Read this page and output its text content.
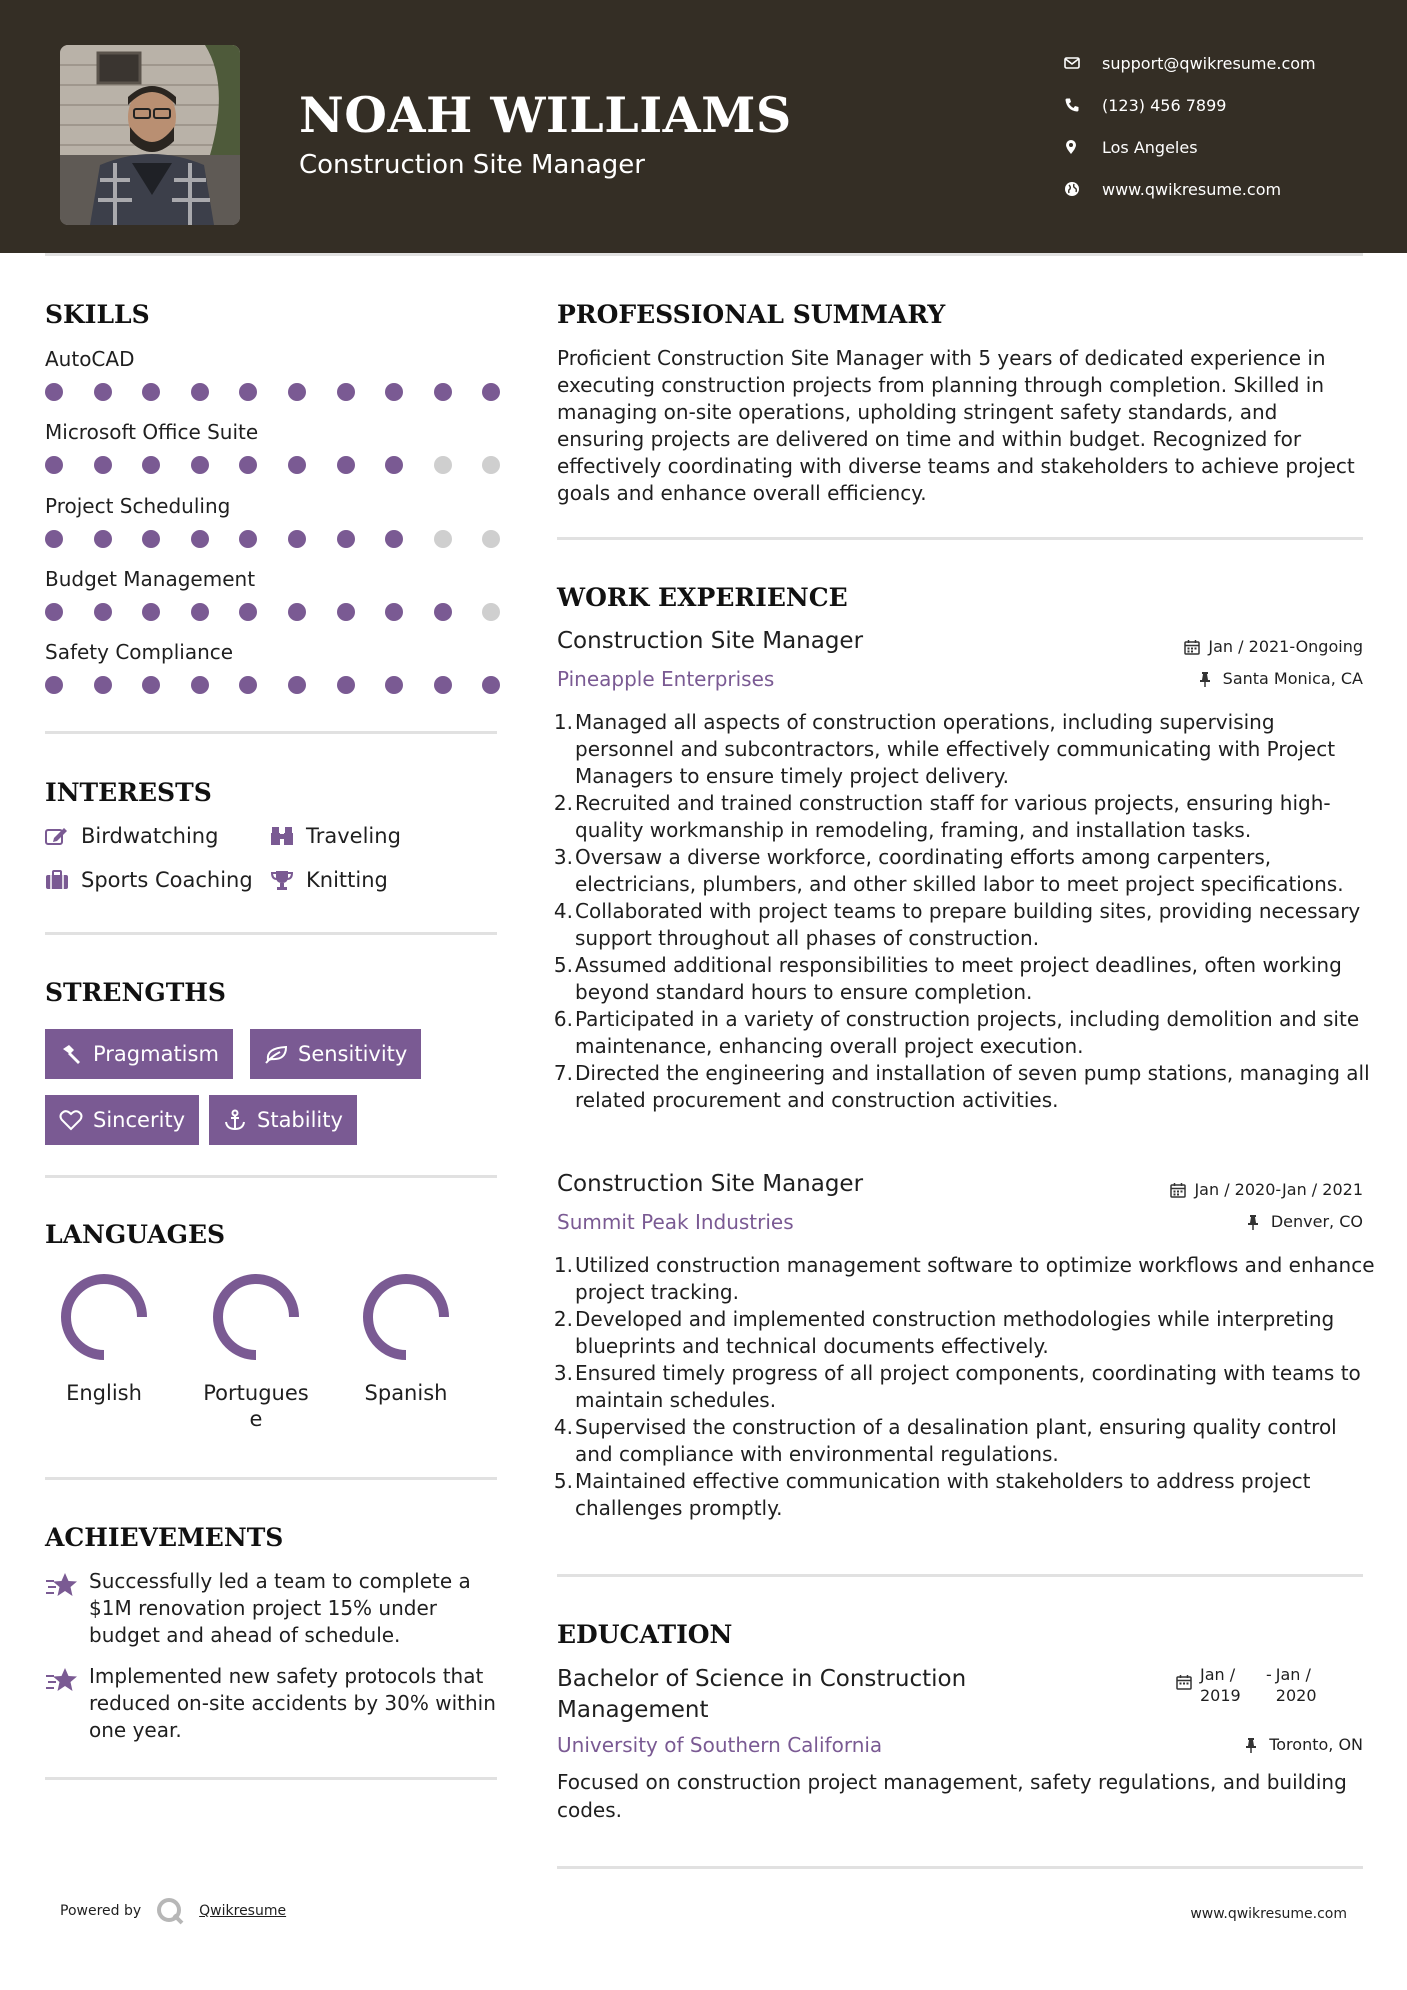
NOAH WILLIAMS
Construction Site Manager
support@qwikresume.com
(123) 456 7899
Los Angeles
www.qwikresume.com
SKILLS
AutoCAD
Microsoft Office Suite
Project Scheduling
Budget Management
Safety Compliance
INTERESTS
Birdwatching	Traveling
Sports Coaching	Knitting
STRENGTHS
Pragmatism	Sensitivity
Sincerity	Stability
LANGUAGES
English	Portuguese
Spanish
ACHIEVEMENTS
Successfully led a team to complete a $1M renovation project 15% under budget and ahead of schedule.
Implemented new safety protocols that reduced on-site accidents by 30% within one year.
PROFESSIONAL SUMMARY
Proficient Construction Site Manager with 5 years of dedicated experience in executing construction projects from planning through completion. Skilled in managing on-site operations, upholding stringent safety standards, and ensuring projects are delivered on time and within budget. Recognized for effectively coordinating with diverse teams and stakeholders to achieve project goals and enhance overall efficiency.
WORK EXPERIENCE
Construction Site Manager	Jan / 2021-Ongoing
Pineapple Enterprises	Santa Monica, CA
Managed all aspects of construction operations, including supervising personnel and subcontractors, while effectively communicating with Project Managers to ensure timely project delivery.
Recruited and trained construction staff for various projects, ensuring high-quality workmanship in remodeling, framing, and installation tasks.
Oversaw a diverse workforce, coordinating efforts among carpenters, electricians, plumbers, and other skilled labor to meet project specifications.
Collaborated with project teams to prepare building sites, providing necessary support throughout all phases of construction.
Assumed additional responsibilities to meet project deadlines, often working beyond standard hours to ensure completion.
Participated in a variety of construction projects, including demolition and site maintenance, enhancing overall project execution.
Directed the engineering and installation of seven pump stations, managing all related procurement and construction activities.
Construction Site Manager	Jan / 2020-Jan / 2021
Summit Peak Industries	Denver, CO
Utilized construction management software to optimize workflows and enhance project tracking.
Developed and implemented construction methodologies while interpreting blueprints and technical documents effectively.
Ensured timely progress of all project components, coordinating with teams to maintain schedules.
Supervised the construction of a desalination plant, ensuring quality control and compliance with environmental regulations.
Maintained effective communication with stakeholders to address project challenges promptly.
EDUCATION
Bachelor of Science in Construction Management
Jan / 2019
- Jan / 2020
University of Southern California	Toronto, ON
Focused on construction project management, safety regulations, and building codes.
Powered by	Qwikresume	www.qwikresume.com
